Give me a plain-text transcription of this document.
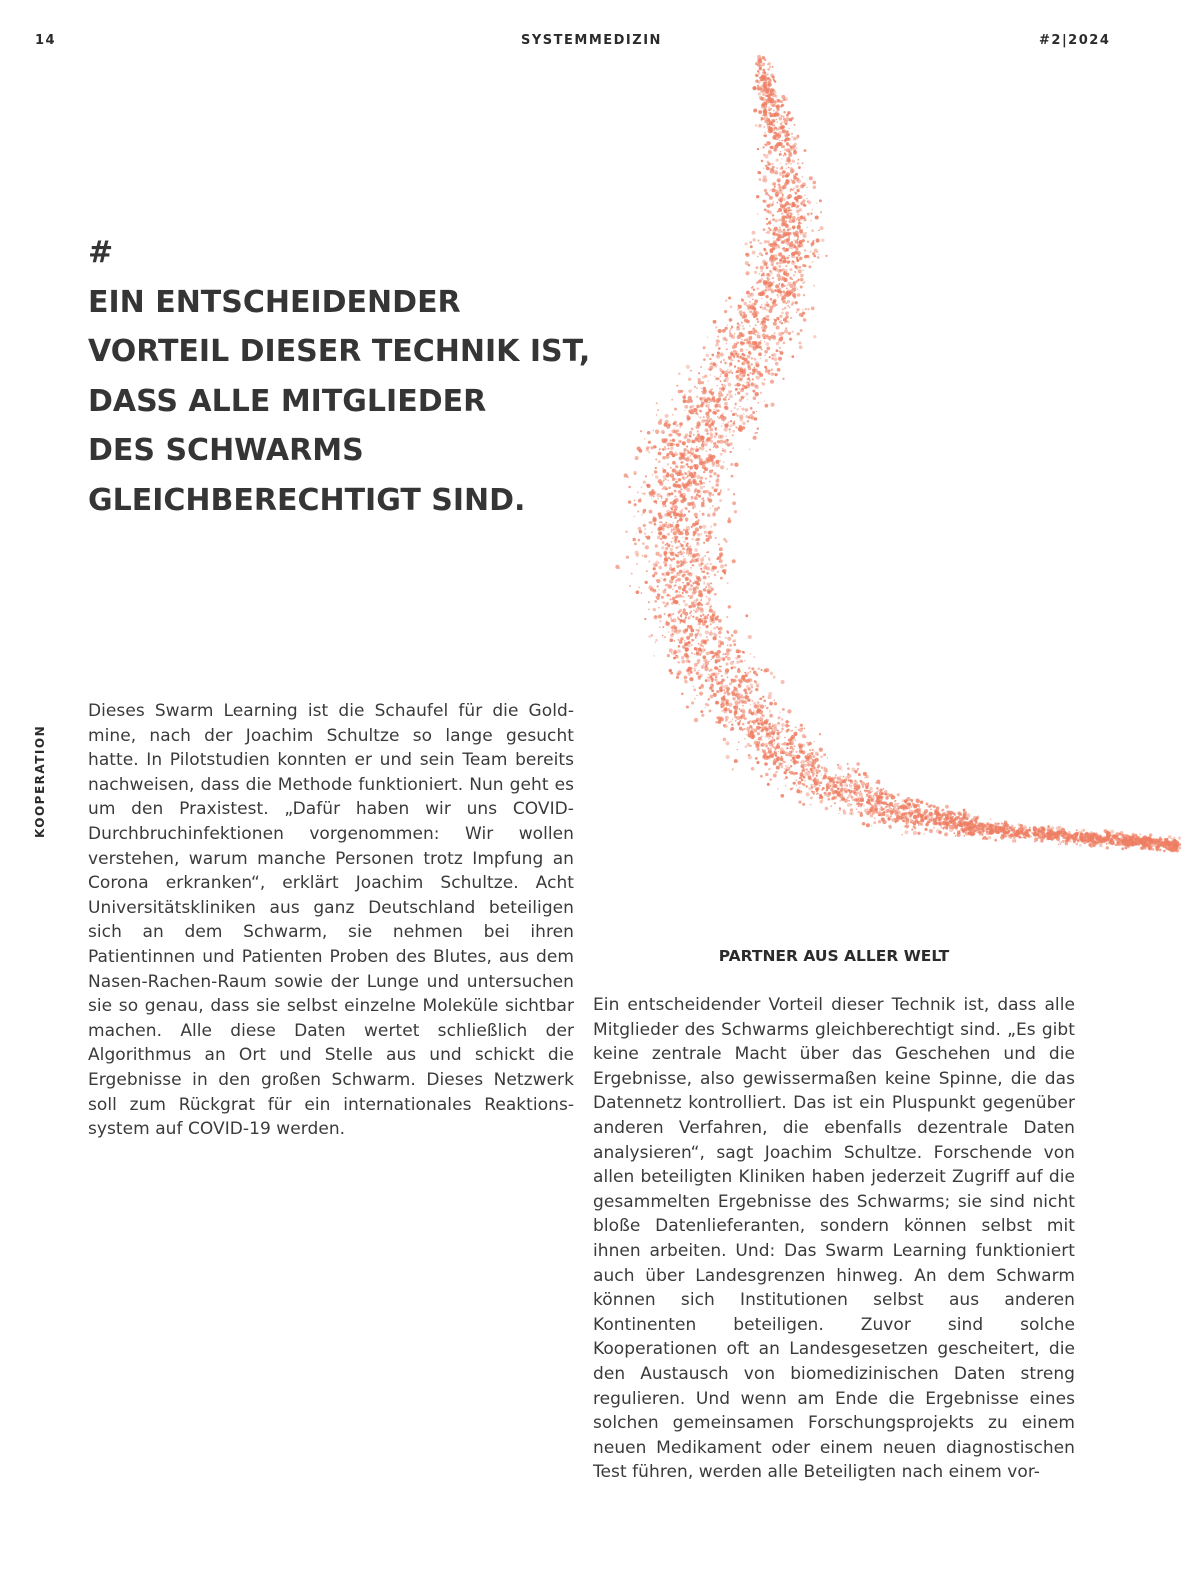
14	SYSTEMMEDIZIN	#2|2024

#
EIN ENTSCHEIDENDER
VORTEIL DIESER TECHNIK IST,
DASS ALLE MITGLIEDER
DES SCHWARMS
GLEICHBERECHTIGT SIND.
KOOPERATION

Dieses Swarm Learning ist die Schaufel für die Goldmine, nach der Joachim Schultze so lange gesucht hatte. In Pilotstudien konnten er und sein Team bereits nachweisen, dass die Methode funktioniert. Nun geht es um den Praxistest. „Dafür haben wir uns COVID-Durchbruchinfektionen vorgenommen: Wir wollen verstehen, warum manche Personen trotz Impfung an Corona erkranken“, erklärt Joachim Schultze. Acht Universitätskliniken aus ganz Deutschland beteiligen sich an dem Schwarm, sie nehmen bei ihren Patientinnen und Patienten Proben des Blutes, aus dem Nasen-Rachen-Raum sowie der Lunge und untersuchen sie so genau, dass sie selbst einzelne Moleküle sichtbar machen. Alle diese Daten wertet schließlich der Algorithmus an Ort und Stelle aus und schickt die Ergebnisse in den großen Schwarm. Dieses Netzwerk soll zum Rückgrat für ein internationales Reaktionssystem auf COVID-19 werden.

PARTNER AUS ALLER WELT

Ein entscheidender Vorteil dieser Technik ist, dass alle Mitglieder des Schwarms gleichberechtigt sind. „Es gibt keine zentrale Macht über das Geschehen und die Ergebnisse, also gewissermaßen keine Spinne, die das Datennetz kontrolliert. Das ist ein Pluspunkt gegenüber anderen Verfahren, die ebenfalls dezentrale Daten analysieren“, sagt Joachim Schultze. Forschende von allen beteiligten Kliniken haben jederzeit Zugriff auf die gesammelten Ergebnisse des Schwarms; sie sind nicht bloße Datenlieferanten, sondern können selbst mit ihnen arbeiten. Und: Das Swarm Learning funktioniert auch über Landesgrenzen hinweg. An dem Schwarm können sich Institutionen selbst aus anderen Kontinenten beteiligen. Zuvor sind solche Kooperationen oft an Landesgesetzen gescheitert, die den Austausch von biomedizinischen Daten streng regulieren. Und wenn am Ende die Ergebnisse eines solchen gemeinsamen Forschungsprojekts zu einem neuen Medikament oder einem neuen diagnostischen Test führen, werden alle Beteiligten nach einem vor-
